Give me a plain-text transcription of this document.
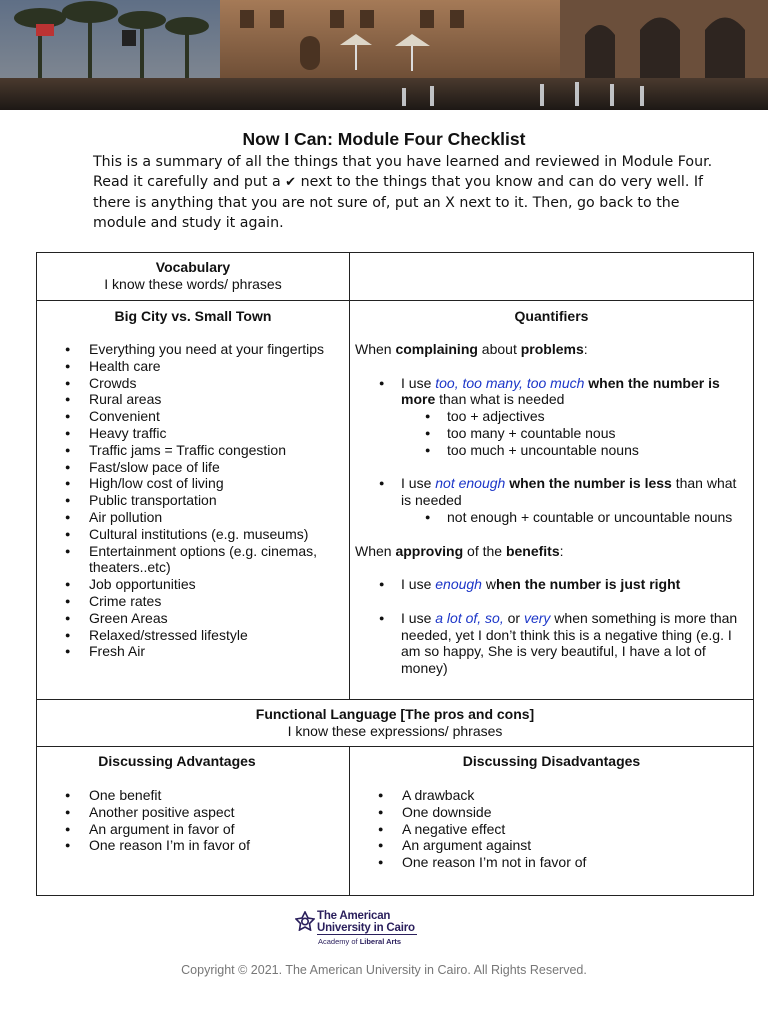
Now I Can: Module Four Checklist
This is a summary of all the things that you have learned and reviewed in Module Four. Read it carefully and put a ✔ next to the things that you know and can do very well. If there is anything that you are not sure of, put an X next to it. Then, go back to the module and study it again.
Vocabulary
I know these words/ phrases
Big City vs. Small Town
● Everything you need at your fingertips
● Health care
● Crowds
● Rural areas
● Convenient
● Heavy traffic
● Traffic jams = Traffic congestion
● Fast/slow pace of life
● High/low cost of living
● Public transportation
● Air pollution
● Cultural institutions (e.g. museums)
● Entertainment options (e.g. cinemas, theaters..etc)
● Job opportunities
● Crime rates
● Green Areas
● Relaxed/stressed lifestyle
● Fresh Air
Quantifiers

When complaining about problems:

● I use too, too many, too much when the number is more than what is needed

● too + adjectives

● too many + countable nous

● too much + uncountable nouns

● I use not enough when the number is less than what is needed

● not enough + countable or uncountable nouns

When approving of the benefits:

● I use enough when the number is just right

● I use a lot of, so, or very when something is more than needed, yet I don’t think this is a negative thing (e.g. I am so happy, She is very beautiful, I have a lot of money)

Functional Language [The pros and cons]
I know these expressions/ phrases
Discussing Advantages
● One benefit
● Another positive aspect
● An argument in favor of
● One reason I’m in favor of
Discussing Disadvantages
● A drawback
● One downside
● A negative effect
● An argument against
● One reason I’m not in favor of
The American
University in Cairo
Academy of Liberal Arts
Copyright © 2021. The American University in Cairo. All Rights Reserved.
